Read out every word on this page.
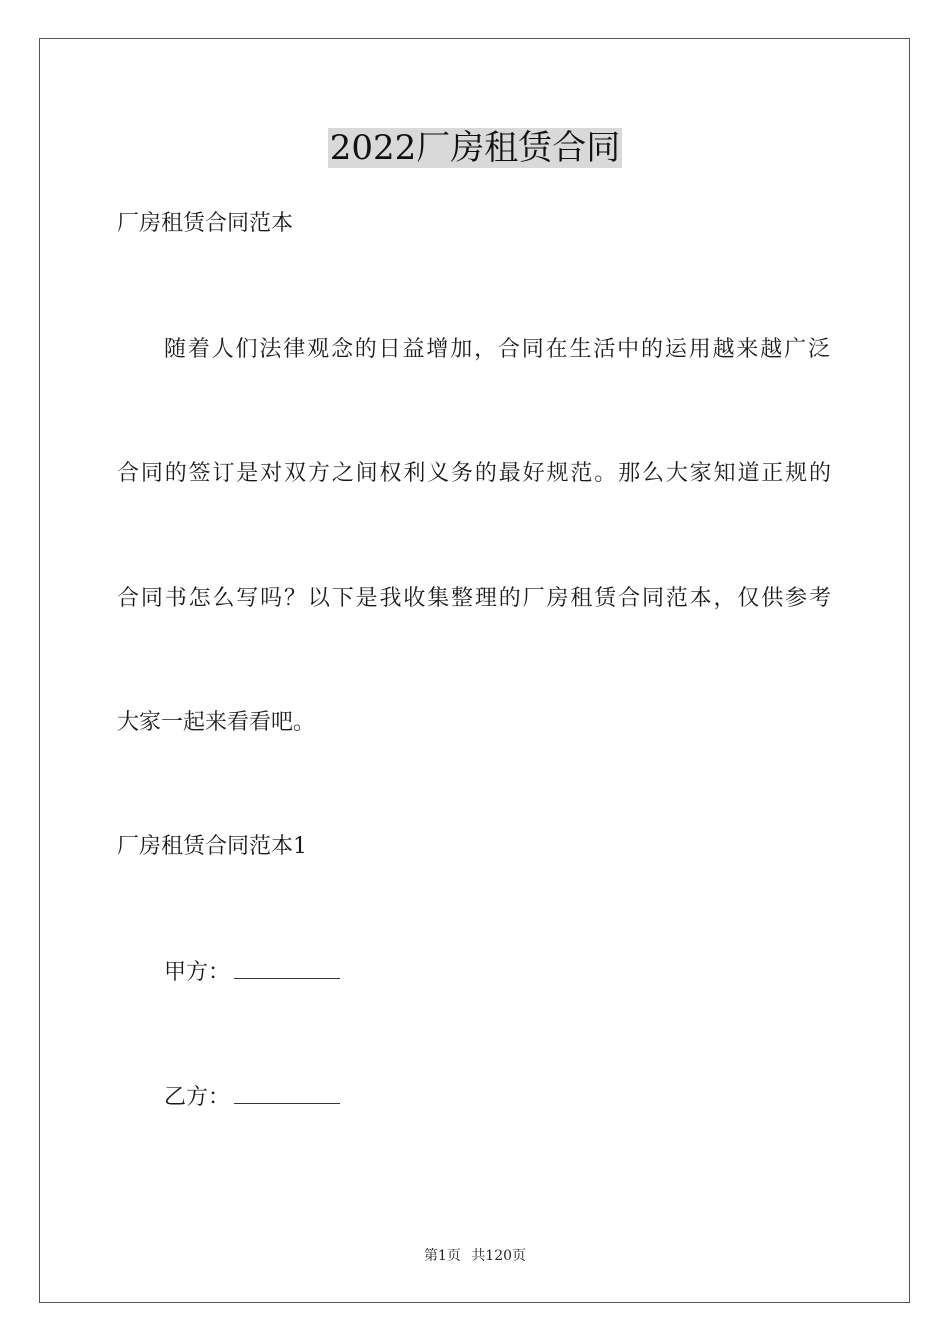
2022厂房租赁合同
厂房租赁合同范本
随着人们法律观念的日益增加，合同在生活中的运用越来越广泛
合同的签订是对双方之间权利义务的最好规范。那么大家知道正规的
合同书怎么写吗？以下是我收集整理的厂房租赁合同范本，仅供参考
大家一起来看看吧。
厂房租赁合同范本1
甲方：
乙方：
第1页 共120页
